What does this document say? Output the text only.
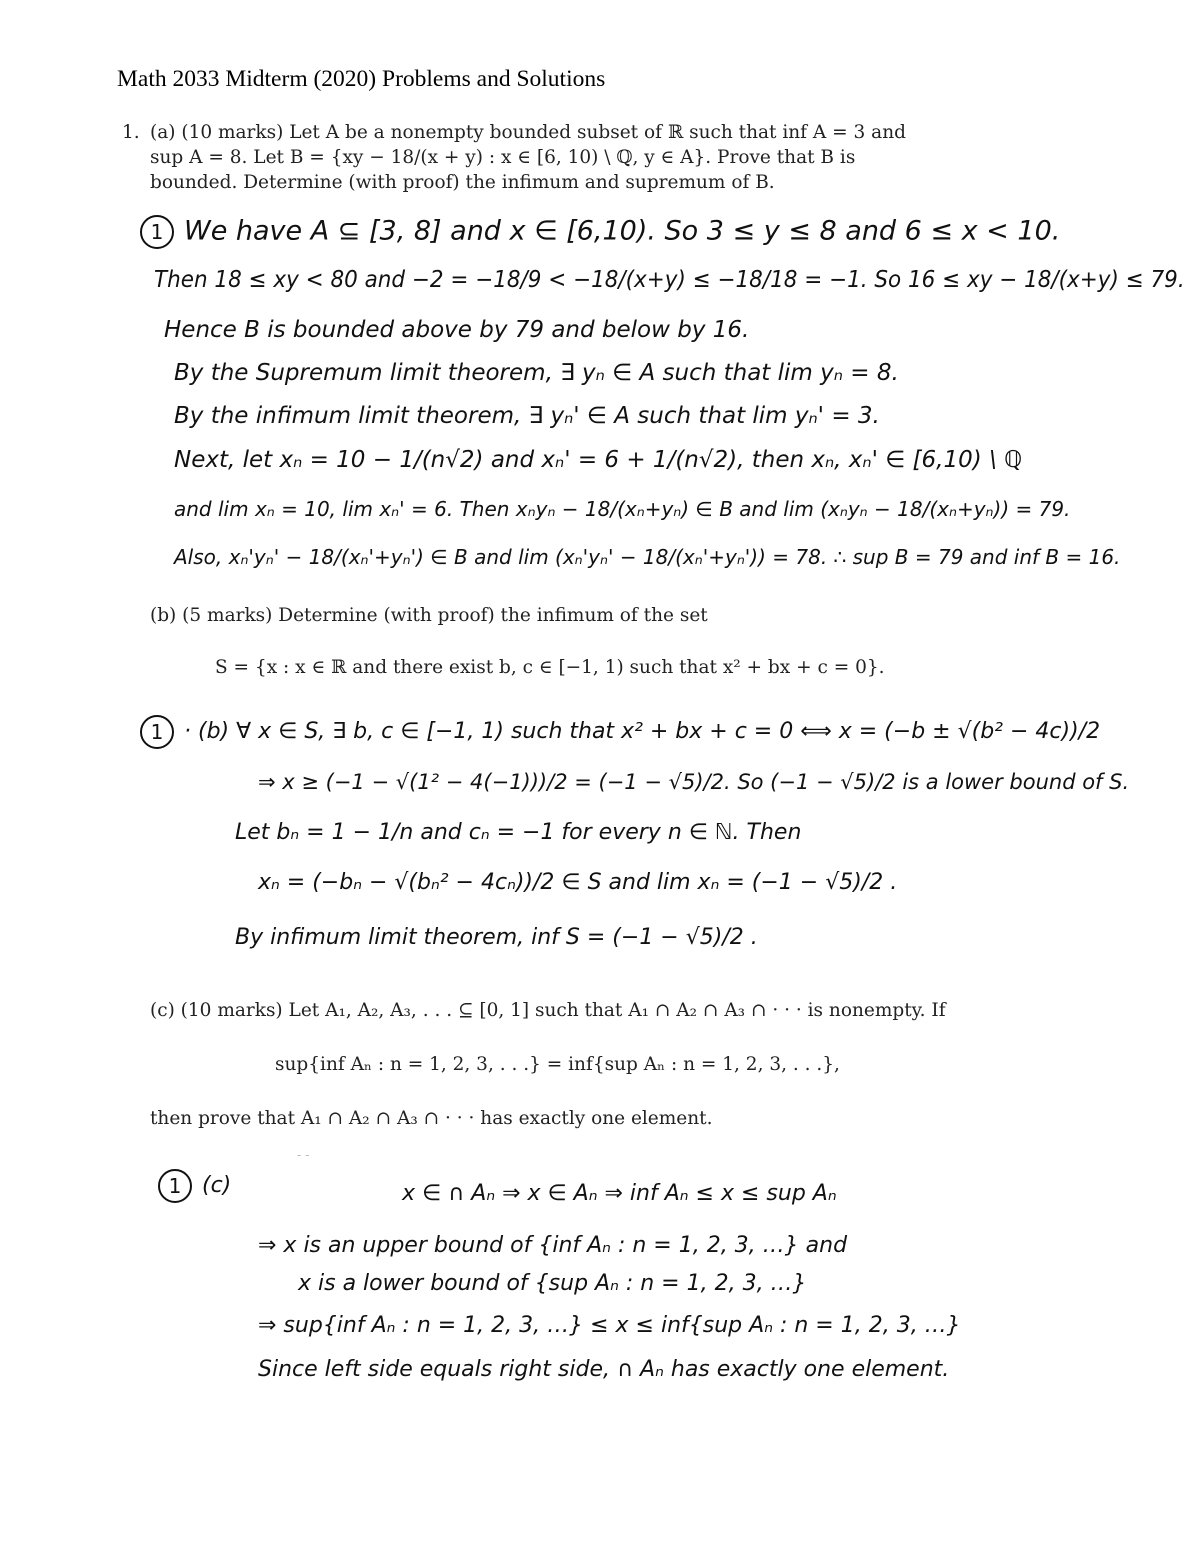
Math 2033 Midterm (2020) Problems and Solutions
1. (a) (10 marks) Let A be a nonempty bounded subset of ℝ such that inf A = 3 and
sup A = 8. Let B = {xy − 18/(x + y) : x ∈ [6, 10) \ ℚ, y ∈ A}. Prove that B is
bounded. Determine (with proof) the infimum and supremum of B.
1 We have A ⊆ [3, 8] and x ∈ [6,10). So 3 ≤ y ≤ 8 and 6 ≤ x < 10.
Then 18 ≤ xy < 80 and −2 = −18/9 < −18/(x+y) ≤ −18/18 = −1. So 16 ≤ xy − 18/(x+y) ≤ 79.
Hence B is bounded above by 79 and below by 16.
By the Supremum limit theorem, ∃ yₙ ∈ A such that lim yₙ = 8.
By the infimum limit theorem, ∃ yₙ' ∈ A such that lim yₙ' = 3.
Next, let xₙ = 10 − 1/(n√2) and xₙ' = 6 + 1/(n√2), then xₙ, xₙ' ∈ [6,10) \ ℚ
and lim xₙ = 10, lim xₙ' = 6. Then xₙyₙ − 18/(xₙ+yₙ) ∈ B and lim (xₙyₙ − 18/(xₙ+yₙ)) = 79.
Also, xₙ'yₙ' − 18/(xₙ'+yₙ') ∈ B and lim (xₙ'yₙ' − 18/(xₙ'+yₙ')) = 78. ∴ sup B = 79 and inf B = 16.
(b) (5 marks) Determine (with proof) the infimum of the set
S = {x : x ∈ ℝ and there exist b, c ∈ [−1, 1) such that x² + bx + c = 0}.
1 · (b) ∀ x ∈ S, ∃ b, c ∈ [−1, 1) such that x² + bx + c = 0 ⟺ x = (−b ± √(b² − 4c))/2
⇒ x ≥ (−1 − √(1² − 4(−1)))/2 = (−1 − √5)/2. So (−1 − √5)/2 is a lower bound of S.
Let bₙ = 1 − 1/n and cₙ = −1 for every n ∈ ℕ. Then
xₙ = (−bₙ − √(bₙ² − 4cₙ))/2 ∈ S and lim xₙ = (−1 − √5)/2 .
By infimum limit theorem, inf S = (−1 − √5)/2 .
(c) (10 marks) Let A₁, A₂, A₃, . . . ⊆ [0, 1] such that A₁ ∩ A₂ ∩ A₃ ∩ · · · is nonempty. If
sup{inf Aₙ : n = 1, 2, 3, . . .} = inf{sup Aₙ : n = 1, 2, 3, . . .},
then prove that A₁ ∩ A₂ ∩ A₃ ∩ · · · has exactly one element.
- -
1 (c)	x ∈ ∩ Aₙ ⇒ x ∈ Aₙ ⇒ inf Aₙ ≤ x ≤ sup Aₙ
⇒ x is an upper bound of {inf Aₙ : n = 1, 2, 3, …} and
x is a lower bound of {sup Aₙ : n = 1, 2, 3, …}
⇒ sup{inf Aₙ : n = 1, 2, 3, …} ≤ x ≤ inf{sup Aₙ : n = 1, 2, 3, …}
Since left side equals right side, ∩ Aₙ has exactly one element.
